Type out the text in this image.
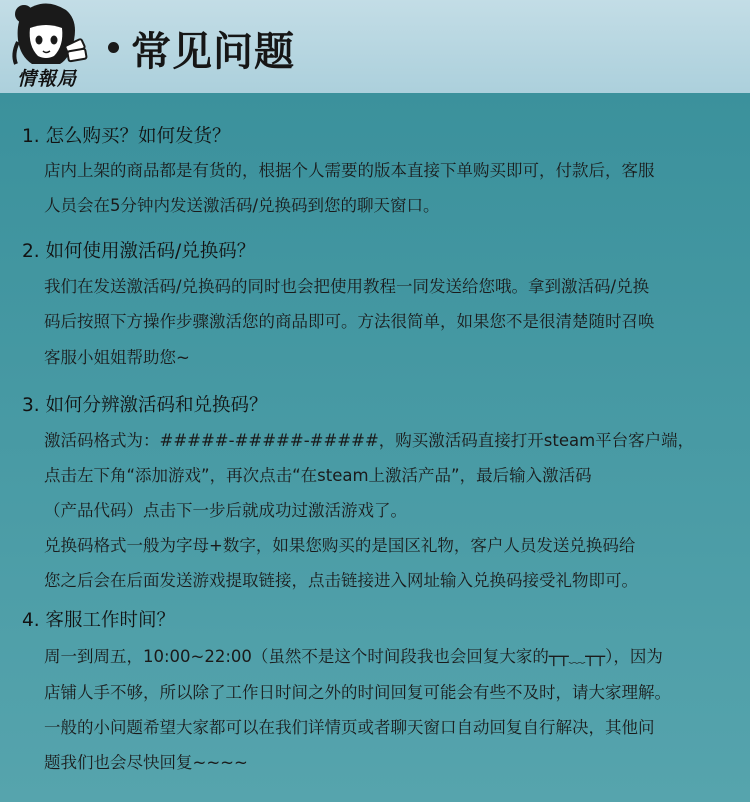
情報局
常见问题
1. 怎么购买？如何发货？
店内上架的商品都是有货的，根据个人需要的版本直接下单购买即可，付款后，客服
人员会在5分钟内发送激活码/兑换码到您的聊天窗口。
2. 如何使用激活码/兑换码？
我们在发送激活码/兑换码的同时也会把使用教程一同发送给您哦。拿到激活码/兑换
码后按照下方操作步骤激活您的商品即可。方法很简单，如果您不是很清楚随时召唤
客服小姐姐帮助您~
3. 如何分辨激活码和兑换码？
激活码格式为：#####-#####-#####，购买激活码直接打开steam平台客户端，
点击左下角“添加游戏”，再次点击“在steam上激活产品”，最后输入激活码
（产品代码）点击下一步后就成功过激活游戏了。
兑换码格式一般为字母+数字，如果您购买的是国区礼物，客户人员发送兑换码给
您之后会在后面发送游戏提取链接，点击链接进入网址输入兑换码接受礼物即可。
4. 客服工作时间？
周一到周五，10:00~22:00（虽然不是这个时间段我也会回复大家的┬┬﹏┬┬），因为
店铺人手不够，所以除了工作日时间之外的时间回复可能会有些不及时，请大家理解。
一般的小问题希望大家都可以在我们详情页或者聊天窗口自动回复自行解决，其他问
题我们也会尽快回复~~~~
